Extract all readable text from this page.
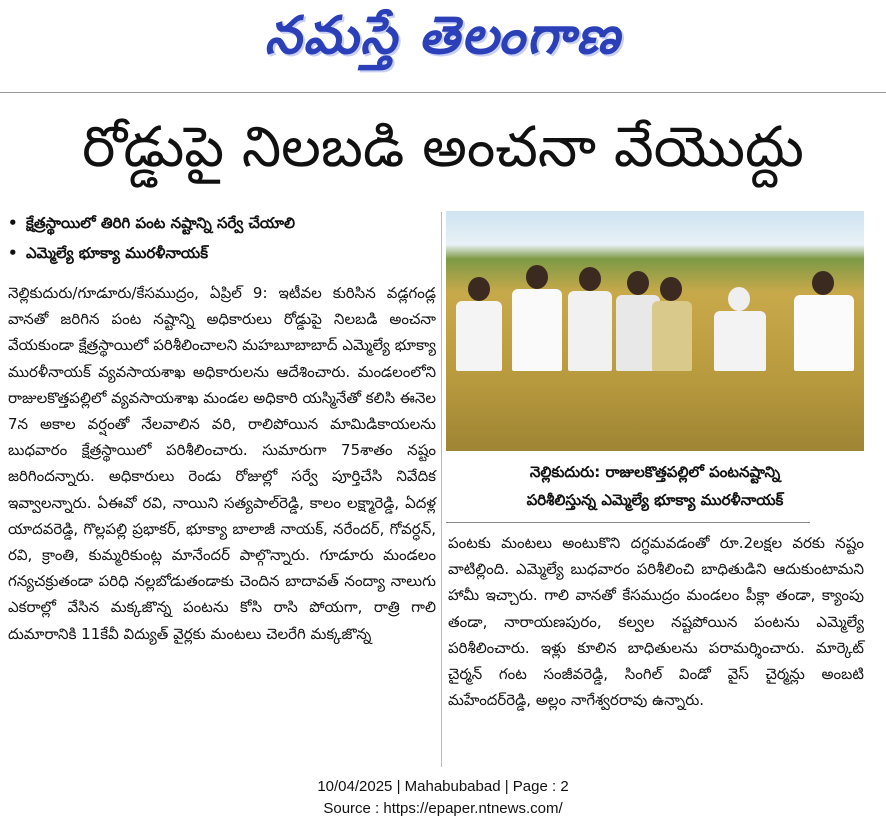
నమస్తే తెలంగాణ
రోడ్డుపై నిలబడి అంచనా వేయొద్దు
• క్షేత్రస్థాయిలో తిరిగి పంట నష్టాన్ని సర్వే చేయాలి
• ఎమ్మెల్యే భూక్యా మురళీనాయక్
నెల్లికుదురు/గూడూరు/కేసముద్రం, ఏప్రిల్ 9: ఇటీవల కురిసిన వడ్లగండ్ల వానతో జరిగిన పంట నష్టాన్ని అధికారులు రోడ్డుపై నిలబడి అంచనా వేయకుండా క్షేత్రస్థాయిలో పరిశీలించాలని మహబూబాబాద్ ఎమ్మెల్యే భూక్యా మురళీనాయక్ వ్యవసాయశాఖ అధికారులను ఆదేశించారు. మండలంలోని రాజులకొత్తపల్లిలో వ్యవసాయశాఖ మండల అధికారి యస్మినేతో కలిసి ఈనెల 7న అకాల వర్షంతో నేలవాలిన వరి, రాలిపోయిన మామిడికాయలను బుధవారం క్షేత్రస్థాయిలో పరిశీలించారు. సుమారుగా 75శాతం నష్టం జరిగిందన్నారు. అధికారులు రెండు రోజుల్లో సర్వే పూర్తిచేసి నివేదిక ఇవ్వాలన్నారు. ఏఈవో రవి, నాయిని సత్యపాల్‌రెడ్డి, కాలం లక్ష్మారెడ్డి, ఏదళ్ల యాదవరెడ్డి, గొల్లపల్లి ప్రభాకర్, భూక్యా బాలాజీ నాయక్, నరేందర్, గోవర్ధన్, రవి, క్రాంతి, కుమ్మరికుంట్ల మానేందర్ పాల్గొన్నారు. గూడూరు మండలం గన్యచక్రుతండా పరిధి నల్లబోడుతండాకు చెందిన బాదావత్ నంద్యా నాలుగు ఎకరాల్లో వేసిన మక్కజొన్న పంటను కోసి రాసి పోయగా, రాత్రి గాలి దుమారానికి 11కేవీ విద్యుత్ వైర్లకు మంటలు చెలరేగి మక్కజొన్న
నెల్లికుదురు: రాజులకొత్తపల్లిలో పంటనష్టాన్ని
పరిశీలిస్తున్న ఎమ్మెల్యే భూక్యా మురళీనాయక్
పంటకు మంటలు అంటుకొని దగ్ధమవడంతో రూ.2లక్షల వరకు నష్టం వాటిల్లింది. ఎమ్మెల్యే బుధవారం పరిశీలించి బాధితుడిని ఆదుకుంటామని హామీ ఇచ్చారు. గాలి వానతో కేసముద్రం మండలం పీక్లా తండా, క్యాంపు తండా, నారాయణపురం, కల్వల నష్టపోయిన పంటను ఎమ్మెల్యే పరిశీలించారు. ఇళ్లు కూలిన బాధితులను పరామర్శించారు. మార్కెట్ చైర్మన్ గంట సంజీవరెడ్డి, సింగిల్ విండో వైస్ చైర్మన్లు అంబటి మహేందర్‌రెడ్డి, అల్లం నాగేశ్వరరావు ఉన్నారు.
10/04/2025 | Mahabubabad | Page : 2
Source : https://epaper.ntnews.com/
